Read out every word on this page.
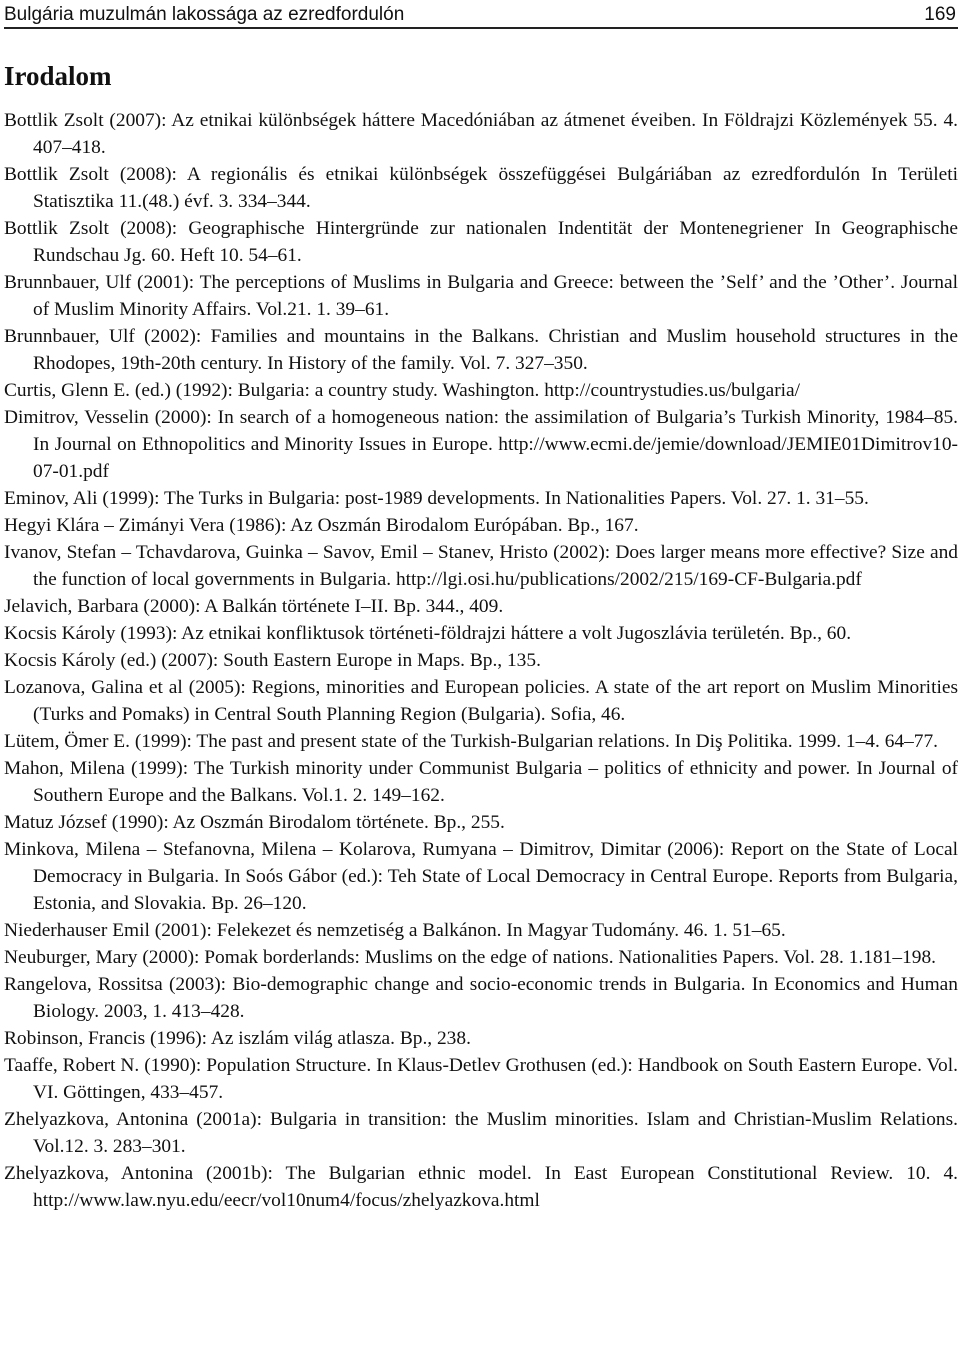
Bulgária muzulmán lakossága az ezredfordulón	169
Irodalom
Bottlik Zsolt (2007): Az etnikai különbségek háttere Macedóniában az átmenet éveiben. In Földrajzi Közlemények 55. 4. 407–418.
Bottlik Zsolt (2008): A regionális és etnikai különbségek összefüggései Bulgáriában az ezredfordulón In Területi Statisztika 11.(48.) évf. 3. 334–344.
Bottlik Zsolt (2008): Geographische Hintergründe zur nationalen Indentität der Montenegriener In Geographische Rundschau Jg. 60. Heft 10. 54–61.
Brunnbauer, Ulf (2001): The perceptions of Muslims in Bulgaria and Greece: between the ’Self’ and the ’Other’. Journal of Muslim Minority Affairs. Vol.21. 1. 39–61.
Brunnbauer, Ulf (2002): Families and mountains in the Balkans. Christian and Muslim household structures in the Rhodopes, 19th-20th century. In History of the family. Vol. 7. 327–350.
Curtis, Glenn E. (ed.) (1992): Bulgaria: a country study. Washington. http://countrystudies.us/bulgaria/
Dimitrov, Vesselin (2000): In search of a homogeneous nation: the assimilation of Bulgaria’s Turkish Minority, 1984–85. In Journal on Ethnopolitics and Minority Issues in Europe. http://www.ecmi.de/jemie/download/JEMIE01Dimitrov10-07-01.pdf
Eminov, Ali (1999): The Turks in Bulgaria: post-1989 developments. In Nationalities Papers. Vol. 27. 1. 31–55.
Hegyi Klára – Zimányi Vera (1986): Az Oszmán Birodalom Európában. Bp., 167.
Ivanov, Stefan – Tchavdarova, Guinka – Savov, Emil – Stanev, Hristo (2002): Does larger means more effective? Size and the function of local governments in Bulgaria. http://lgi.osi.hu/publications/2002/215/169-CF-Bulgaria.pdf
Jelavich, Barbara (2000): A Balkán története I–II. Bp. 344., 409.
Kocsis Károly (1993): Az etnikai konfliktusok történeti-földrajzi háttere a volt Jugoszlávia területén. Bp., 60.
Kocsis Károly (ed.) (2007): South Eastern Europe in Maps. Bp., 135.
Lozanova, Galina et al (2005): Regions, minorities and European policies. A state of the art report on Muslim Minorities (Turks and Pomaks) in Central South Planning Region (Bulgaria). Sofia, 46.
Lütem, Ömer E. (1999): The past and present state of the Turkish-Bulgarian relations. In Diş Politika. 1999. 1–4. 64–77.
Mahon, Milena (1999): The Turkish minority under Communist Bulgaria – politics of ethnicity and power. In Journal of Southern Europe and the Balkans. Vol.1. 2. 149–162.
Matuz József (1990): Az Oszmán Birodalom története. Bp., 255.
Minkova, Milena – Stefanovna, Milena – Kolarova, Rumyana – Dimitrov, Dimitar (2006): Report on the State of Local Democracy in Bulgaria. In Soós Gábor (ed.): Teh State of Local Democracy in Central Europe. Reports from Bulgaria, Estonia, and Slovakia. Bp. 26–120.
Niederhauser Emil (2001): Felekezet és nemzetiség a Balkánon. In Magyar Tudomány. 46. 1. 51–65.
Neuburger, Mary (2000): Pomak borderlands: Muslims on the edge of nations. Nationalities Papers. Vol. 28. 1.181–198.
Rangelova, Rossitsa (2003): Bio-demographic change and socio-economic trends in Bulgaria. In Economics and Human Biology. 2003, 1. 413–428.
Robinson, Francis (1996): Az iszlám világ atlasza. Bp., 238.
Taaffe, Robert N. (1990): Population Structure. In Klaus-Detlev Grothusen (ed.): Handbook on South Eastern Europe. Vol. VI. Göttingen, 433–457.
Zhelyazkova, Antonina (2001a): Bulgaria in transition: the Muslim minorities. Islam and Christian-Muslim Relations. Vol.12. 3. 283–301.
Zhelyazkova, Antonina (2001b): The Bulgarian ethnic model. In East European Constitutional Review. 10. 4. http://www.law.nyu.edu/eecr/vol10num4/focus/zhelyazkova.html
